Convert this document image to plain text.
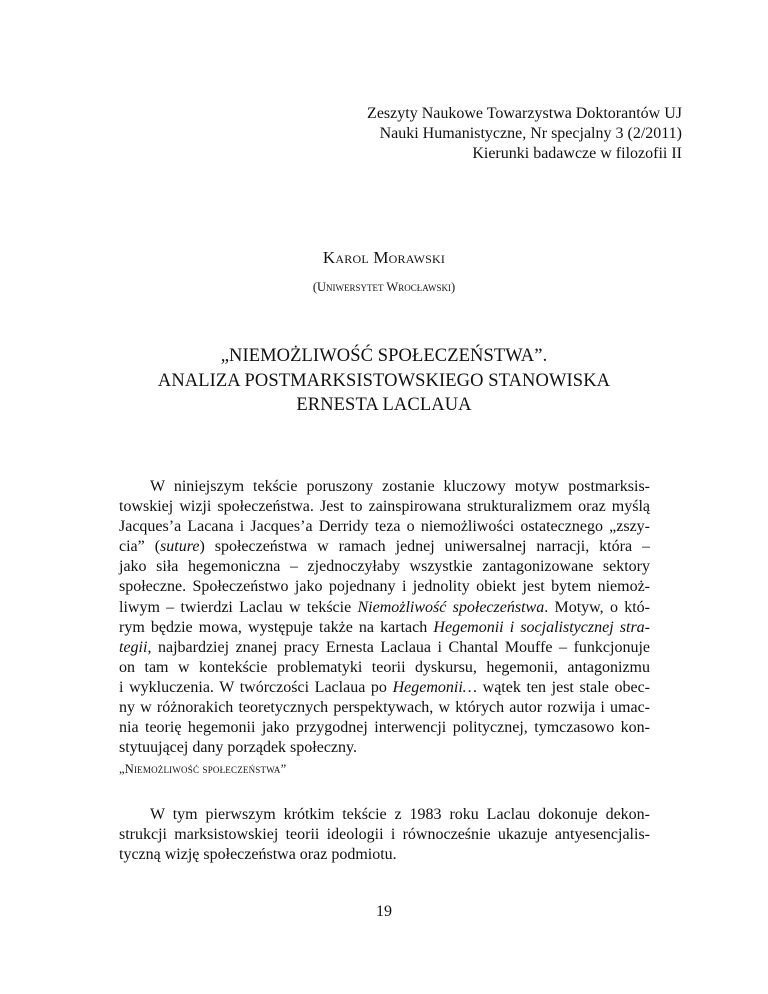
Zeszyty Naukowe Towarzystwa Doktorantów UJ
Nauki Humanistyczne, Nr specjalny 3 (2/2011)
Kierunki badawcze w filozofii II
Karol Morawski
(Uniwersytet Wrocławski)
„NIEMOŻLIWOŚĆ SPOŁECZEŃSTWA”.
ANALIZA POSTMARKSISTOWSKIEGO STANOWISKA
ERNESTA LACLAUA
W niniejszym tekście poruszony zostanie kluczowy motyw postmarksis-
towskiej wizji społeczeństwa. Jest to zainspirowana strukturalizmem oraz myślą
Jacques’a Lacana i Jacques’a Derridy teza o niemożliwości ostatecznego „zszy-
cia” (suture) społeczeństwa w ramach jednej uniwersalnej narracji, która –
jako siła hegemoniczna – zjednoczyłaby wszystkie zantagonizowane sektory
społeczne. Społeczeństwo jako pojednany i jednolity obiekt jest bytem niemoż-
liwym – twierdzi Laclau w tekście Niemożliwość społeczeństwa. Motyw, o któ-
rym będzie mowa, występuje także na kartach Hegemonii i socjalistycznej stra-
tegii, najbardziej znanej pracy Ernesta Laclaua i Chantal Mouffe – funkcjonuje
on tam w kontekście problematyki teorii dyskursu, hegemonii, antagonizmu
i wykluczenia. W twórczości Laclaua po Hegemonii… wątek ten jest stale obec-
ny w różnorakich teoretycznych perspektywach, w których autor rozwija i umac-
nia teorię hegemonii jako przygodnej interwencji politycznej, tymczasowo kon-
stytuującej dany porządek społeczny.
„Niemożliwość społeczeństwa”
W tym pierwszym krótkim tekście z 1983 roku Laclau dokonuje dekon-
strukcji marksistowskiej teorii ideologii i równocześnie ukazuje antyesencjalis-
tyczną wizję społeczeństwa oraz podmiotu.
19
